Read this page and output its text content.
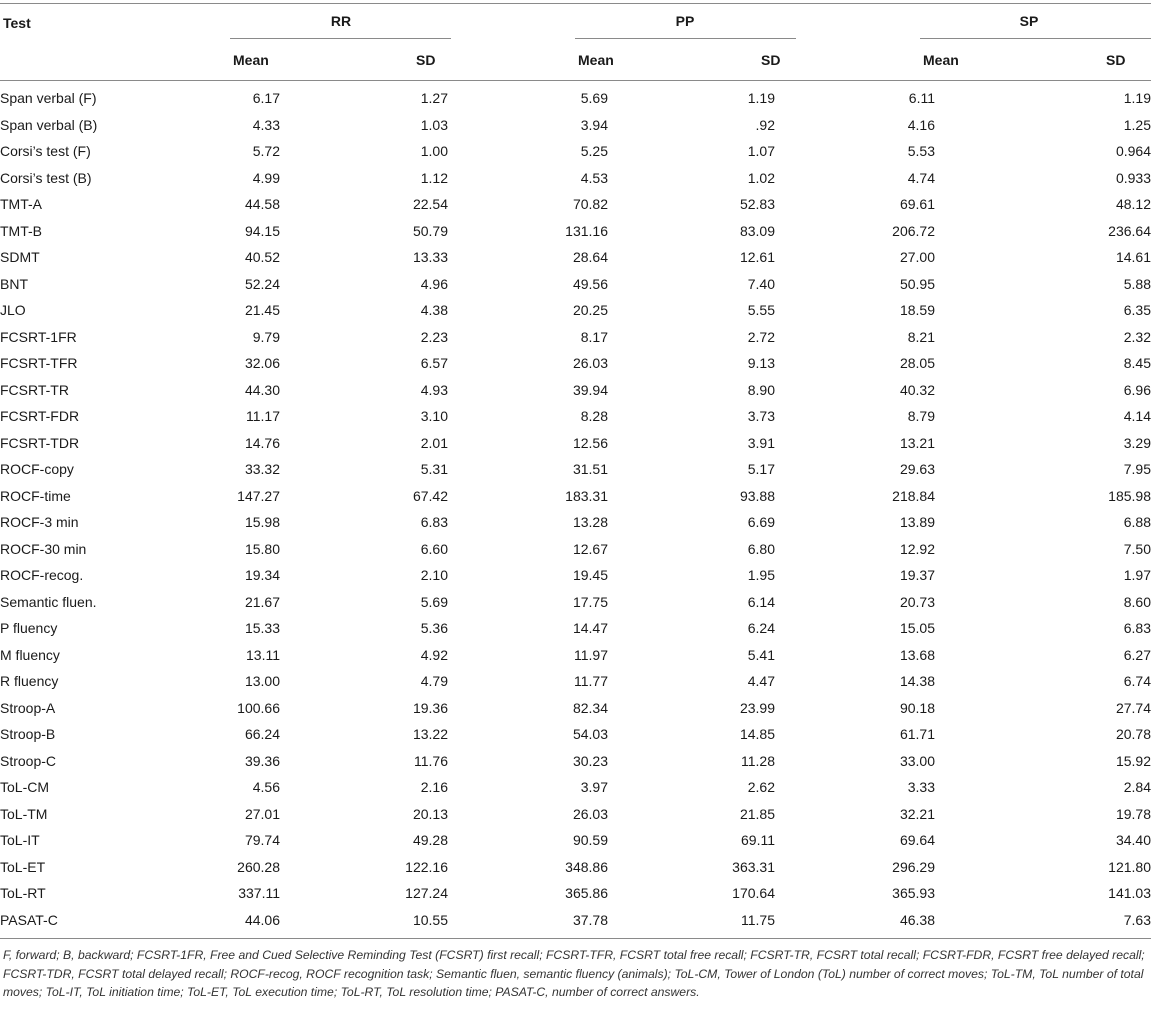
Test	RR	PP	SP
Mean	SD	Mean	SD	Mean	SD
Span verbal (F)	6.17	1.27	5.69	1.19	6.11	1.19
Span verbal (B)	4.33	1.03	3.94	.92	4.16	1.25
Corsi’s test (F)	5.72	1.00	5.25	1.07	5.53	0.964
Corsi’s test (B)	4.99	1.12	4.53	1.02	4.74	0.933
TMT-A	44.58	22.54	70.82	52.83	69.61	48.12
TMT-B	94.15	50.79	131.16	83.09	206.72	236.64
SDMT	40.52	13.33	28.64	12.61	27.00	14.61
BNT	52.24	4.96	49.56	7.40	50.95	5.88
JLO	21.45	4.38	20.25	5.55	18.59	6.35
FCSRT-1FR	9.79	2.23	8.17	2.72	8.21	2.32
FCSRT-TFR	32.06	6.57	26.03	9.13	28.05	8.45
FCSRT-TR	44.30	4.93	39.94	8.90	40.32	6.96
FCSRT-FDR	11.17	3.10	8.28	3.73	8.79	4.14
FCSRT-TDR	14.76	2.01	12.56	3.91	13.21	3.29
ROCF-copy	33.32	5.31	31.51	5.17	29.63	7.95
ROCF-time	147.27	67.42	183.31	93.88	218.84	185.98
ROCF-3 min	15.98	6.83	13.28	6.69	13.89	6.88
ROCF-30 min	15.80	6.60	12.67	6.80	12.92	7.50
ROCF-recog.	19.34	2.10	19.45	1.95	19.37	1.97
Semantic fluen.	21.67	5.69	17.75	6.14	20.73	8.60
P fluency	15.33	5.36	14.47	6.24	15.05	6.83
M fluency	13.11	4.92	11.97	5.41	13.68	6.27
R fluency	13.00	4.79	11.77	4.47	14.38	6.74
Stroop-A	100.66	19.36	82.34	23.99	90.18	27.74
Stroop-B	66.24	13.22	54.03	14.85	61.71	20.78
Stroop-C	39.36	11.76	30.23	11.28	33.00	15.92
ToL-CM	4.56	2.16	3.97	2.62	3.33	2.84
ToL-TM	27.01	20.13	26.03	21.85	32.21	19.78
ToL-IT	79.74	49.28	90.59	69.11	69.64	34.40
ToL-ET	260.28	122.16	348.86	363.31	296.29	121.80
ToL-RT	337.11	127.24	365.86	170.64	365.93	141.03
PASAT-C	44.06	10.55	37.78	11.75	46.38	7.63
F, forward; B, backward; FCSRT-1FR, Free and Cued Selective Reminding Test (FCSRT) first recall; FCSRT-TFR, FCSRT total free recall; FCSRT-TR, FCSRT total recall; FCSRT-FDR, FCSRT free delayed recall; FCSRT-TDR, FCSRT total delayed recall; ROCF-recog, ROCF recognition task; Semantic fluen, semantic fluency (animals); ToL-CM, Tower of London (ToL) number of correct moves; ToL-TM, ToL number of total moves; ToL-IT, ToL initiation time; ToL-ET, ToL execution time; ToL-RT, ToL resolution time; PASAT-C, number of correct answers.
